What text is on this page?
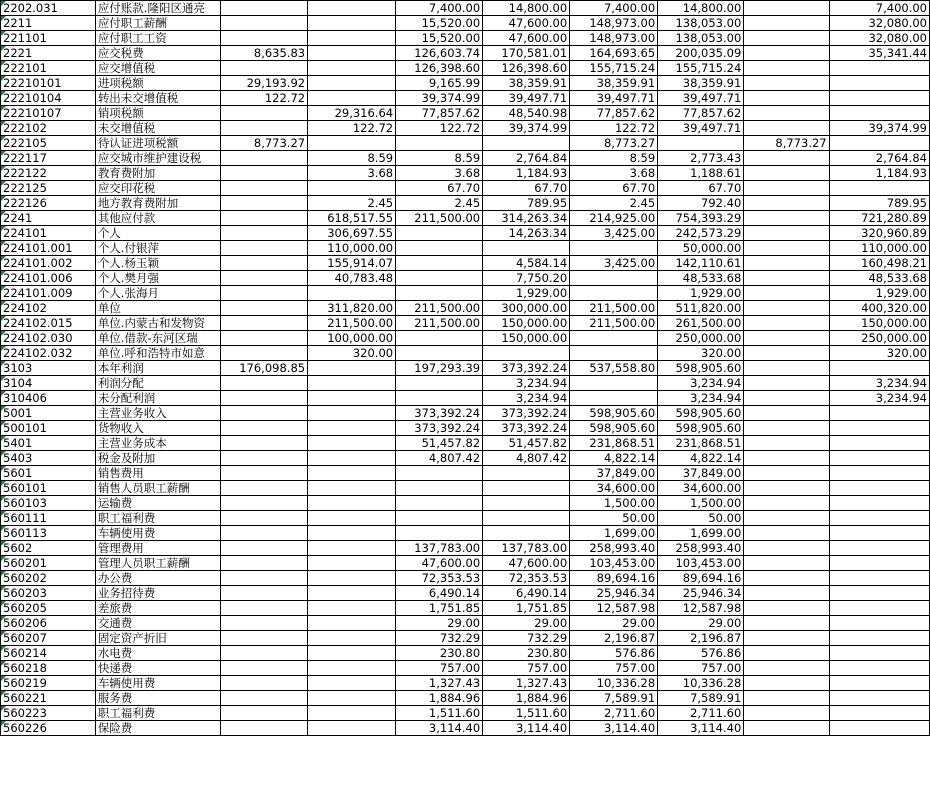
2202.031	应付账款.隆阳区通亮			7,400.00	14,800.00	7,400.00	14,800.00		7,400.00

2211	应付职工薪酬			15,520.00	47,600.00	148,973.00	138,053.00		32,080.00

221101	应付职工工资			15,520.00	47,600.00	148,973.00	138,053.00		32,080.00

2221	应交税费	8,635.83		126,603.74	170,581.01	164,693.65	200,035.09		35,341.44

222101	应交增值税			126,398.60	126,398.60	155,715.24	155,715.24		

22210101	进项税额	29,193.92		9,165.99	38,359.91	38,359.91	38,359.91		

22210104	转出未交增值税	122.72		39,374.99	39,497.71	39,497.71	39,497.71		

22210107	销项税额		29,316.64	77,857.62	48,540.98	77,857.62	77,857.62		

222102	未交增值税		122.72	122.72	39,374.99	122.72	39,497.71		39,374.99

222105	待认证进项税额	8,773.27				8,773.27		8,773.27	

222117	应交城市维护建设税		8.59	8.59	2,764.84	8.59	2,773.43		2,764.84

222122	教育费附加		3.68	3.68	1,184.93	3.68	1,188.61		1,184.93

222125	应交印花税			67.70	67.70	67.70	67.70		

222126	地方教育费附加		2.45	2.45	789.95	2.45	792.40		789.95

2241	其他应付款		618,517.55	211,500.00	314,263.34	214,925.00	754,393.29		721,280.89

224101	个人		306,697.55		14,263.34	3,425.00	242,573.29		320,960.89

224101.001	个人.付银萍		110,000.00				50,000.00		110,000.00

224101.002	个人.杨玉颖		155,914.07		4,584.14	3,425.00	142,110.61		160,498.21

224101.006	个人.樊月强		40,783.48		7,750.20		48,533.68		48,533.68

224101.009	个人.张海月				1,929.00		1,929.00		1,929.00

224102	单位		311,820.00	211,500.00	300,000.00	211,500.00	511,820.00		400,320.00

224102.015	单位.内蒙古和发物资		211,500.00	211,500.00	150,000.00	211,500.00	261,500.00		150,000.00

224102.030	单位.借款-东河区瑞		100,000.00		150,000.00		250,000.00		250,000.00

224102.032	单位.呼和浩特市如意		320.00				320.00		320.00

3103	本年利润	176,098.85		197,293.39	373,392.24	537,558.80	598,905.60		

3104	利润分配				3,234.94		3,234.94		3,234.94

310406	未分配利润				3,234.94		3,234.94		3,234.94

5001	主营业务收入			373,392.24	373,392.24	598,905.60	598,905.60		

500101	货物收入			373,392.24	373,392.24	598,905.60	598,905.60		

5401	主营业务成本			51,457.82	51,457.82	231,868.51	231,868.51		

5403	税金及附加			4,807.42	4,807.42	4,822.14	4,822.14		

5601	销售费用					37,849.00	37,849.00		

560101	销售人员职工薪酬					34,600.00	34,600.00		

560103	运输费					1,500.00	1,500.00		

560111	职工福利费					50.00	50.00		

560113	车辆使用费					1,699.00	1,699.00		

5602	管理费用			137,783.00	137,783.00	258,993.40	258,993.40		

560201	管理人员职工薪酬			47,600.00	47,600.00	103,453.00	103,453.00		

560202	办公费			72,353.53	72,353.53	89,694.16	89,694.16		

560203	业务招待费			6,490.14	6,490.14	25,946.34	25,946.34		

560205	差旅费			1,751.85	1,751.85	12,587.98	12,587.98		

560206	交通费			29.00	29.00	29.00	29.00		

560207	固定资产折旧			732.29	732.29	2,196.87	2,196.87		

560214	水电费			230.80	230.80	576.86	576.86		

560218	快递费			757.00	757.00	757.00	757.00		

560219	车辆使用费			1,327.43	1,327.43	10,336.28	10,336.28		

560221	服务费			1,884.96	1,884.96	7,589.91	7,589.91		

560223	职工福利费			1,511.60	1,511.60	2,711.60	2,711.60		

560226	保险费			3,114.40	3,114.40	3,114.40	3,114.40		
